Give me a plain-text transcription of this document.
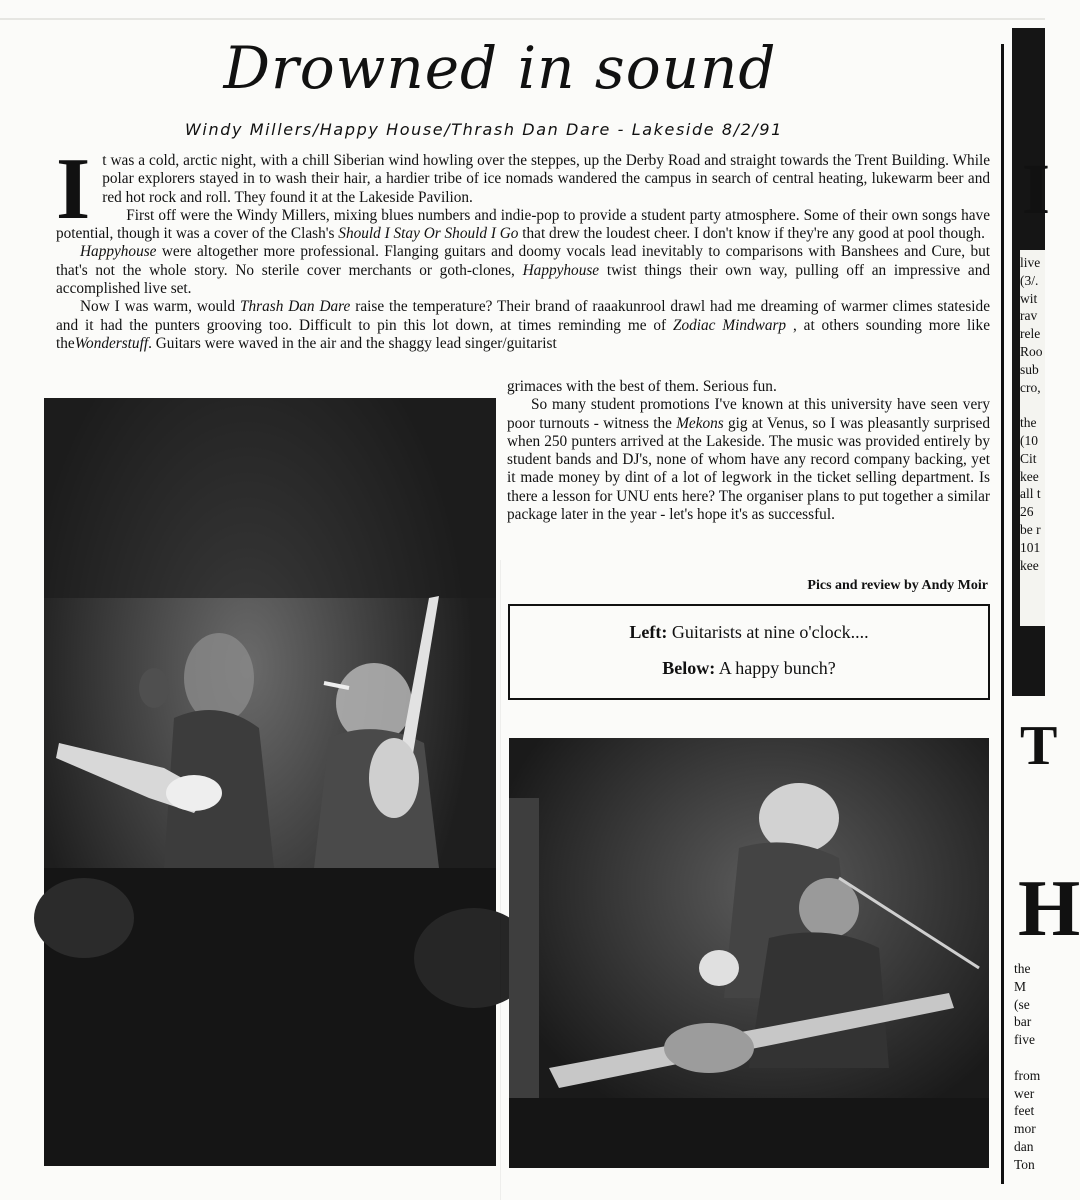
Drowned in sound
Windy Millers/Happy House/Thrash Dan Dare - Lakeside 8/2/91

It was a cold, arctic night, with a chill Siberian wind howling over the steppes, up the Derby Road and straight towards the Trent Building. While polar explorers stayed in to wash their hair, a hardier tribe of ice nomads wandered the campus in search of central heating, lukewarm beer and red hot rock and roll. They found it at the Lakeside Pavilion.

First off were the Windy Millers, mixing blues numbers and indie-pop to provide a student party atmosphere. Some of their own songs have potential, though it was a cover of the Clash's Should I Stay Or Should I Go that drew the loudest cheer. I don't know if they're any good at pool though.

Happyhouse were altogether more professional. Flanging guitars and doomy vocals lead inevitably to comparisons with Banshees and Cure, but that's not the whole story. No sterile cover merchants or goth-clones, Happyhouse twist things their own way, pulling off an impressive and accomplished live set.

Now I was warm, would Thrash Dan Dare raise the temperature? Their brand of raaakunrool drawl had me dreaming of warmer climes stateside and it had the punters grooving too. Difficult to pin this lot down, at times reminding me of Zodiac Mindwarp , at others sounding more like theWonderstuff. Guitars were waved in the air and the shaggy lead singer/guitarist

grimaces with the best of them. Serious fun.

So many student promotions I've known at this university have seen very poor turnouts - witness the Mekons gig at Venus, so I was pleasantly surprised when 250 punters arrived at the Lakeside. The music was provided entirely by student bands and DJ's, none of whom have any record company backing, yet it made money by dint of a lot of legwork in the ticket selling department. Is there a lesson for UNU ents here? The organiser plans to put together a similar package later in the year - let's hope it's as successful.

Pics and review by Andy Moir
Left: Guitarists at nine o'clock....
Below: A happy bunch?
I
live
(3/.
wit
rav
rele
Roo
sub
cro,

the
(10
Cit
kee
all t
26
be r
101
kee
T
H
the
M
(se
bar
five

from
wer
feet
mor
dan
Ton
